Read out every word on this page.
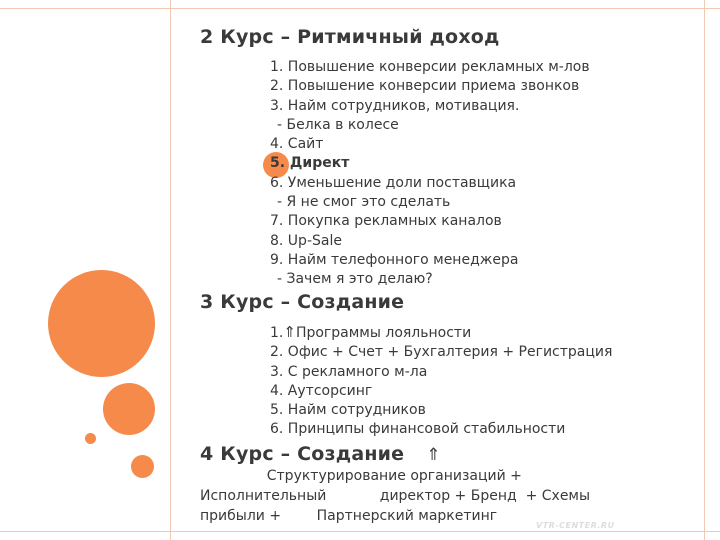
2 Курс – Ритмичный доход
1. Повышение конверсии рекламных м-лов
2. Повышение конверсии приема звонков
3. Найм сотрудников, мотивация.
- Белка в колесе
4. Сайт
5. Директ
6. Уменьшение доли поставщика
- Я не смог это сделать
7. Покупка рекламных каналов
8. Up-Sale
9. Найм телефонного менеджера
- Зачем я это делаю?
3 Курс – Создание
1.⇑Программы лояльности
2. Офис + Счет + Бухгалтерия + Регистрация
3. С рекламного м-ла
4. Аутсорсинг
5. Найм сотрудников
6. Принципы финансовой стабильности
4 Курс – Создание ⇑
Структурирование организаций +
Исполнительный            директор + Бренд  + Схемы
прибыли +        Партнерский маркетинг
VTR-CENTER.RU
